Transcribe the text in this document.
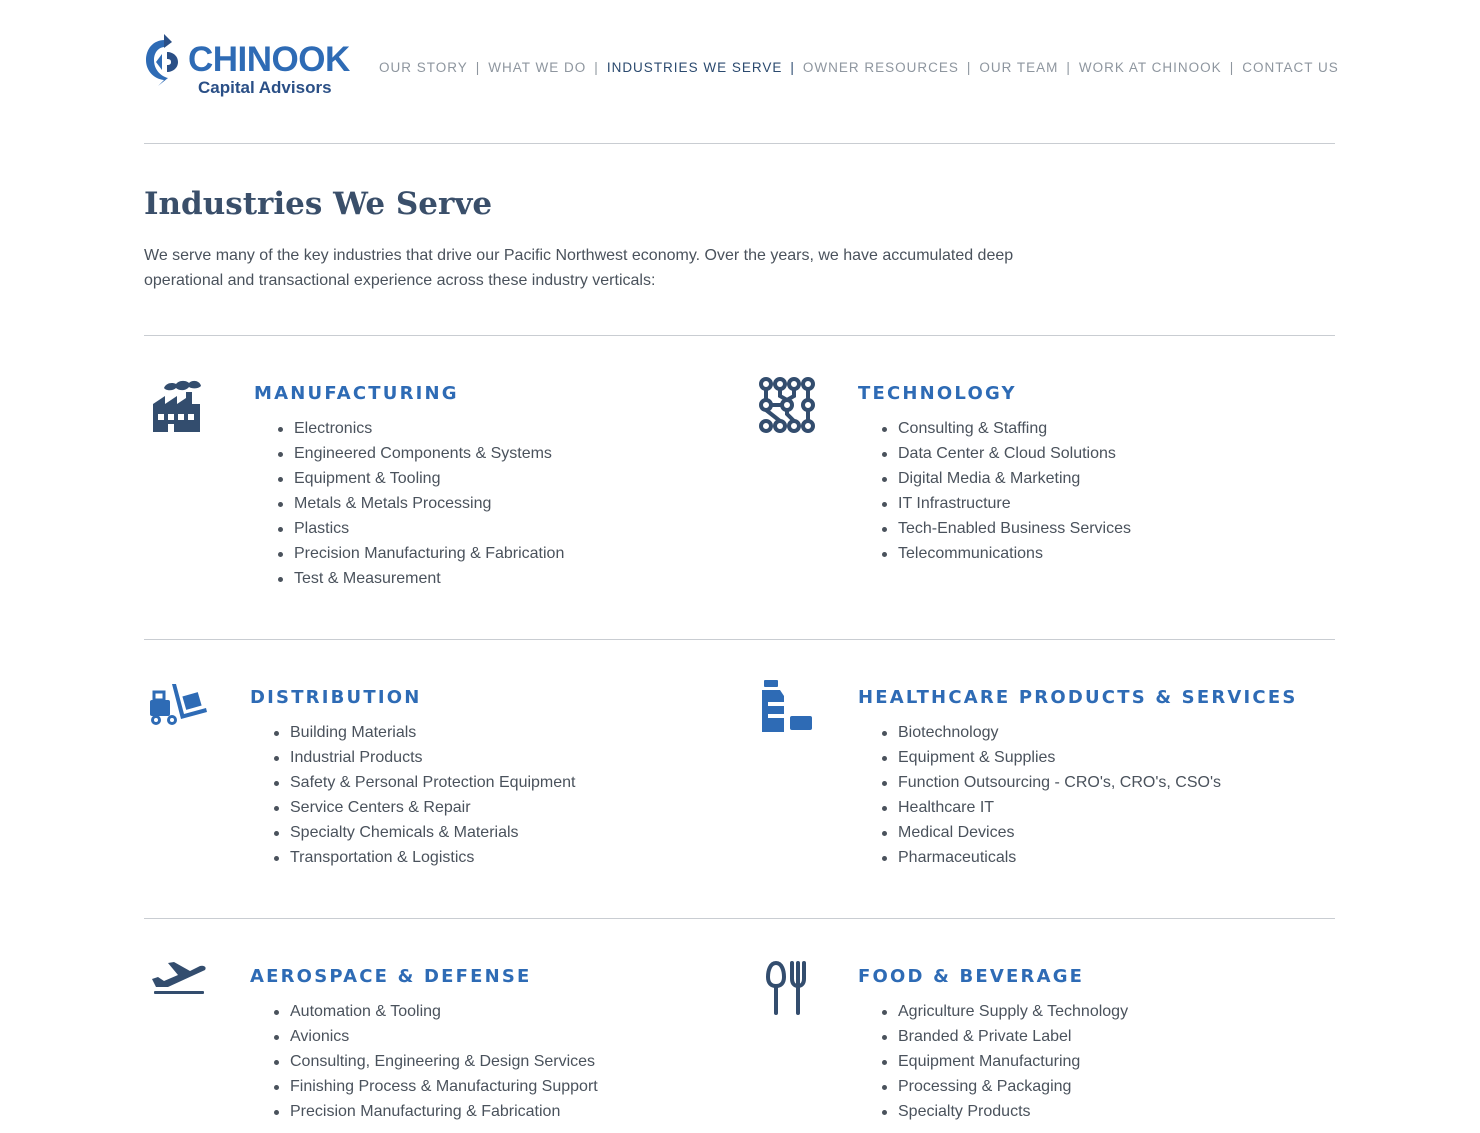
CHINOOK
Capital Advisors
OUR STORY | WHAT WE DO | INDUSTRIES WE SERVE | OWNER RESOURCES | OUR TEAM | WORK AT CHINOOK | CONTACT US
Industries We Serve

We serve many of the key industries that drive our Pacific Northwest economy. Over the years, we have accumulated deep operational and transactional experience across these industry verticals:

MANUFACTURING
Electronics
Engineered Components & Systems
Equipment & Tooling
Metals & Metals Processing
Plastics
Precision Manufacturing & Fabrication
Test & Measurement
TECHNOLOGY
Consulting & Staffing
Data Center & Cloud Solutions
Digital Media & Marketing
IT Infrastructure
Tech-Enabled Business Services
Telecommunications
DISTRIBUTION
Building Materials
Industrial Products
Safety & Personal Protection Equipment
Service Centers & Repair
Specialty Chemicals & Materials
Transportation & Logistics
HEALTHCARE PRODUCTS & SERVICES
Biotechnology
Equipment & Supplies
Function Outsourcing - CRO's, CRO's, CSO's
Healthcare IT
Medical Devices
Pharmaceuticals
AEROSPACE & DEFENSE
Automation & Tooling
Avionics
Consulting, Engineering & Design Services
Finishing Process & Manufacturing Support
Precision Manufacturing & Fabrication
FOOD & BEVERAGE
Agriculture Supply & Technology
Branded & Private Label
Equipment Manufacturing
Processing & Packaging
Specialty Products
